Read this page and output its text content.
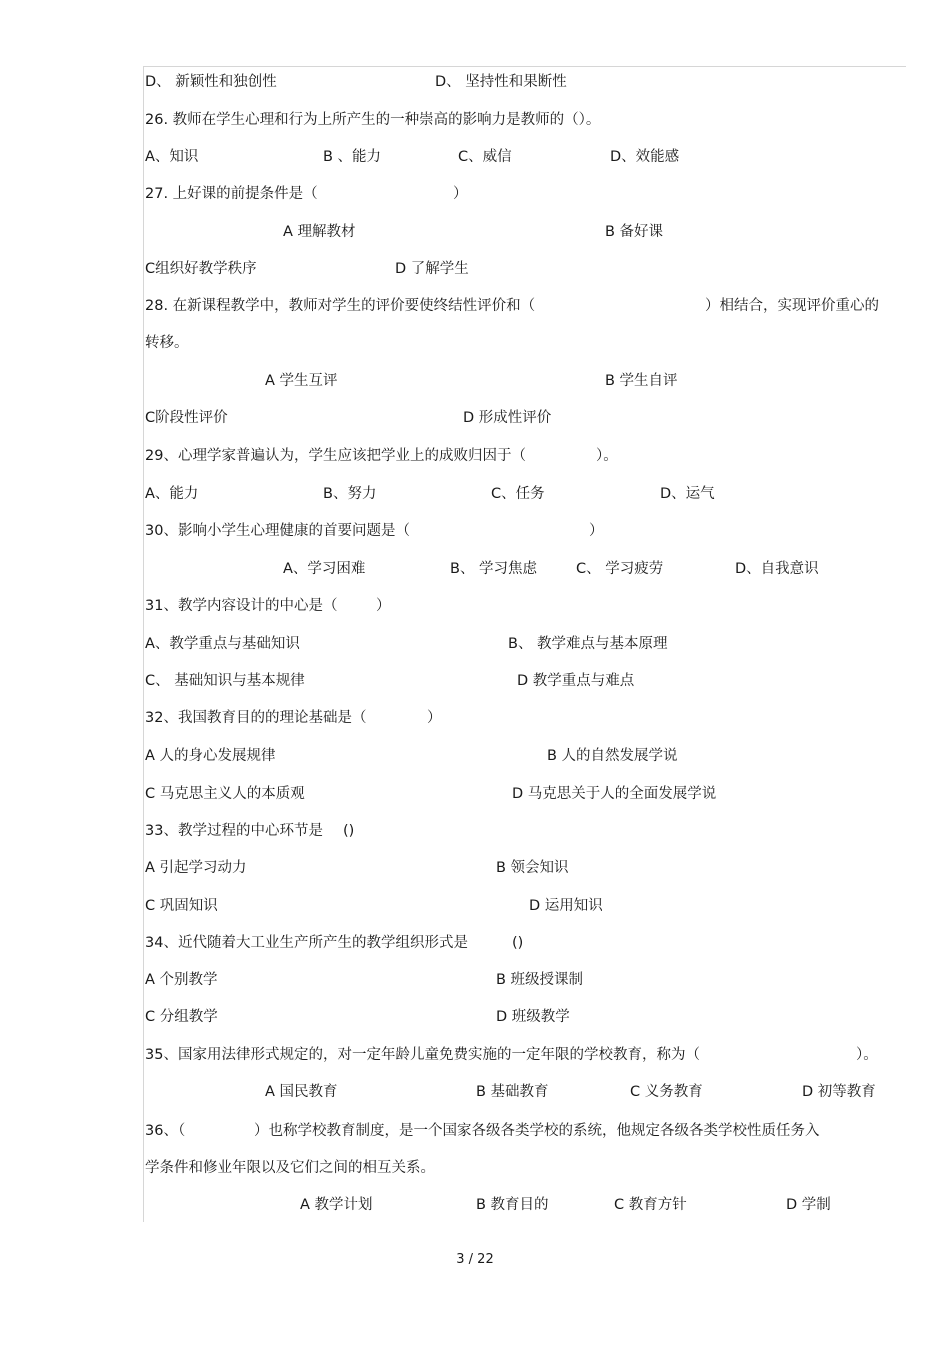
D、 新颖性和独创性	D、 坚持性和果断性
26. 教师在学生心理和行为上所产生的一种崇高的影响力是教师的（）。
A、知识	B 、能力	C、威信	D、效能感
27. 上好课的前提条件是（	）
A 理解教材	B 备好课
C组织好教学秩序	D 了解学生
28. 在新课程教学中，教师对学生的评价要使终结性评价和（	）相结合，实现评价重心的
转移。
A 学生互评	B 学生自评
C阶段性评价	D 形成性评价
29、心理学家普遍认为，学生应该把学业上的成败归因于（	）。
A、能力	B、努力	C、任务	D、运气
30、影响小学生心理健康的首要问题是（	）
A、学习困难	B、 学习焦虑	C、 学习疲劳	D、自我意识
31、教学内容设计的中心是（	）
A、教学重点与基础知识	B、 教学难点与基本原理
C、 基础知识与基本规律	D 教学重点与难点
32、我国教育目的的理论基础是（	）
A 人的身心发展规律	B 人的自然发展学说
C 马克思主义人的本质观	D 马克思关于人的全面发展学说
33、教学过程的中心环节是 ()
A 引起学习动力	B 领会知识
C 巩固知识	D 运用知识
34、近代随着大工业生产所产生的教学组织形式是	()
A 个别教学	B 班级授课制
C 分组教学	D 班级教学
35、国家用法律形式规定的，对一定年龄儿童免费实施的一定年限的学校教育，称为（	）。
A 国民教育	B 基础教育	C 义务教育	D 初等教育
36、（	）也称学校教育制度，是一个国家各级各类学校的系统，他规定各级各类学校性质任务入
学条件和修业年限以及它们之间的相互关系。
A 教学计划	B 教育目的	C 教育方针	D 学制
3 / 22
